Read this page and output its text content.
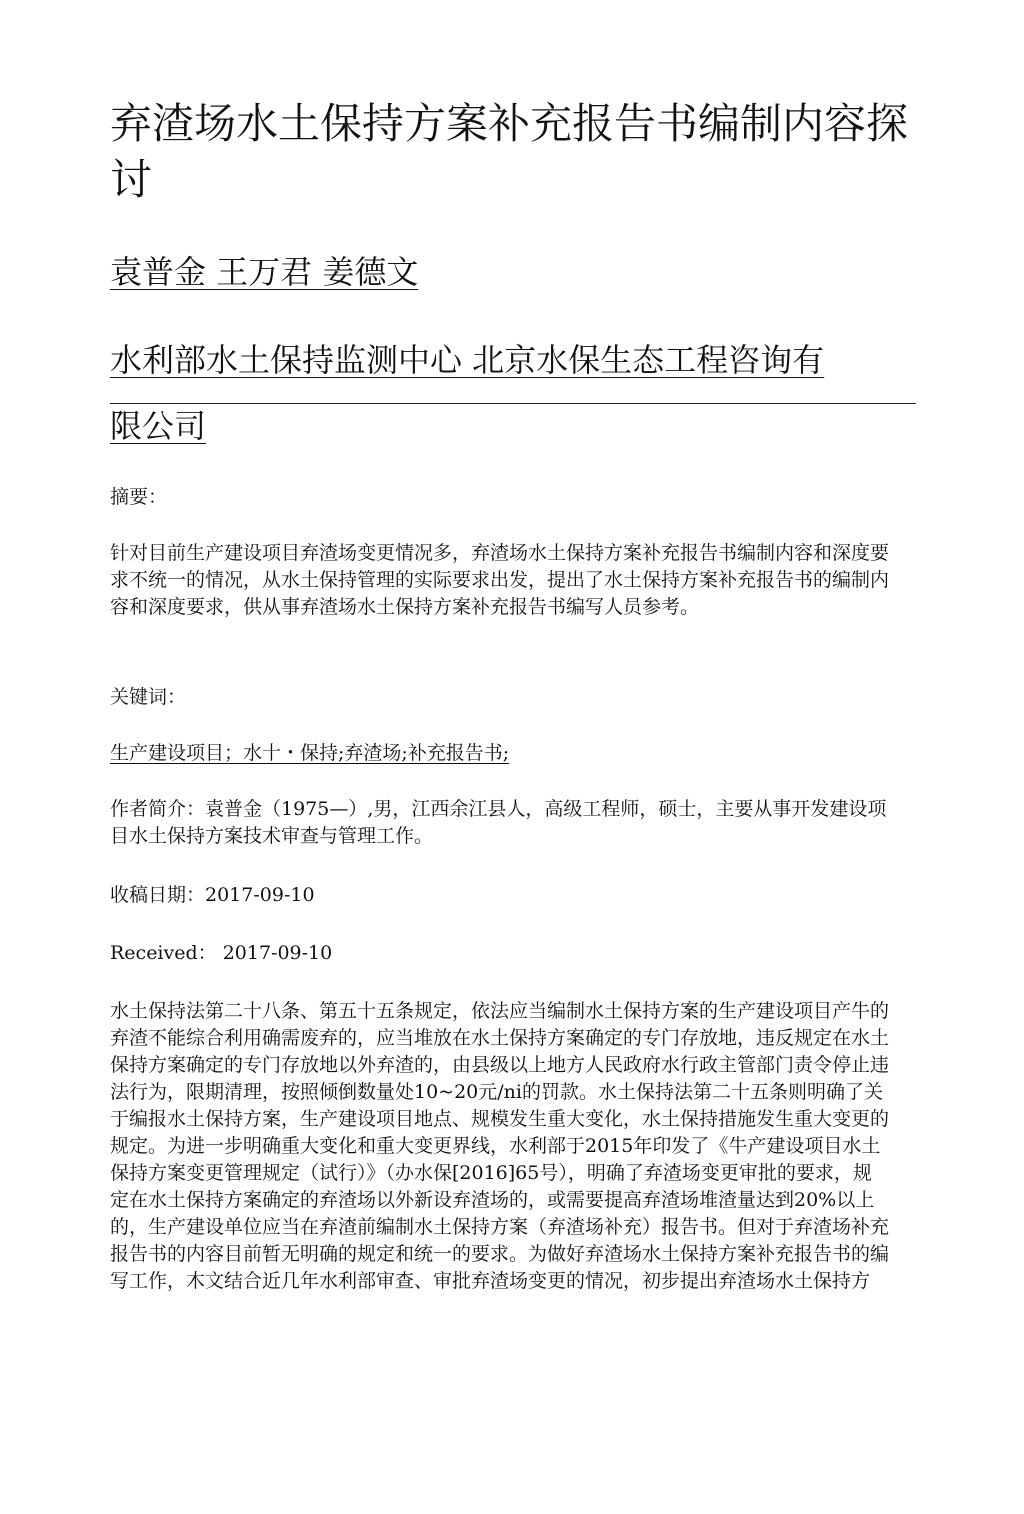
弃渣场水土保持方案补充报告书编制内容探讨
袁普金 王万君 姜德文
水利部水土保持监测中心 北京水保生态工程咨询有
限公司

摘要：

针对目前生产建设项目弃渣场变更情况多，弃渣场水土保持方案补充报告书编制内容和深度要求不统一的情况，从水土保持管理的实际要求出发，提出了水土保持方案补充报告书的编制内容和深度要求，供从事弃渣场水土保持方案补充报告书编写人员参考。

关键词：

生产建设项目；水十・保持;弃渣场;补充报告书;

作者简介：袁普金（1975—）,男，江西余江县人，高级工程师，硕士，主要从事开发建设项目水土保持方案技术审查与管理工作。

收稿日期：2017-09-10

Received： 2017-09-10

水土保持法第二十八条、第五十五条规定，依法应当编制水土保持方案的生产建设项目产牛的弃渣不能综合利用确需废弃的，应当堆放在水土保持方案确定的专门存放地，违反规定在水土保持方案确定的专门存放地以外弃渣的，由县级以上地方人民政府水行政主管部门责令停止违法行为，限期清理，按照倾倒数量处10~20元/ni的罚款。水土保持法第二十五条则明确了关于编报水土保持方案，生产建设项目地点、规模发生重大变化，水土保持措施发生重大变更的规定。为进一步明确重大变化和重大变更界线，水利部于2015年印发了《牛产建设项目水土保持方案变更管理规定（试行）》（办水保[2016]65号），明确了弃渣场变更审批的要求，规定在水土保持方案确定的弃渣场以外新设弃渣场的，或需要提高弃渣场堆渣量达到20%以上的，生产建设单位应当在弃渣前编制水土保持方案（弃渣场补充）报告书。但对于弃渣场补充报告书的内容目前暂无明确的规定和统一的要求。为做好弃渣场水土保持方案补充报告书的编写工作，木文结合近几年水利部审查、审批弃渣场变更的情况，初步提出弃渣场水土保持方
